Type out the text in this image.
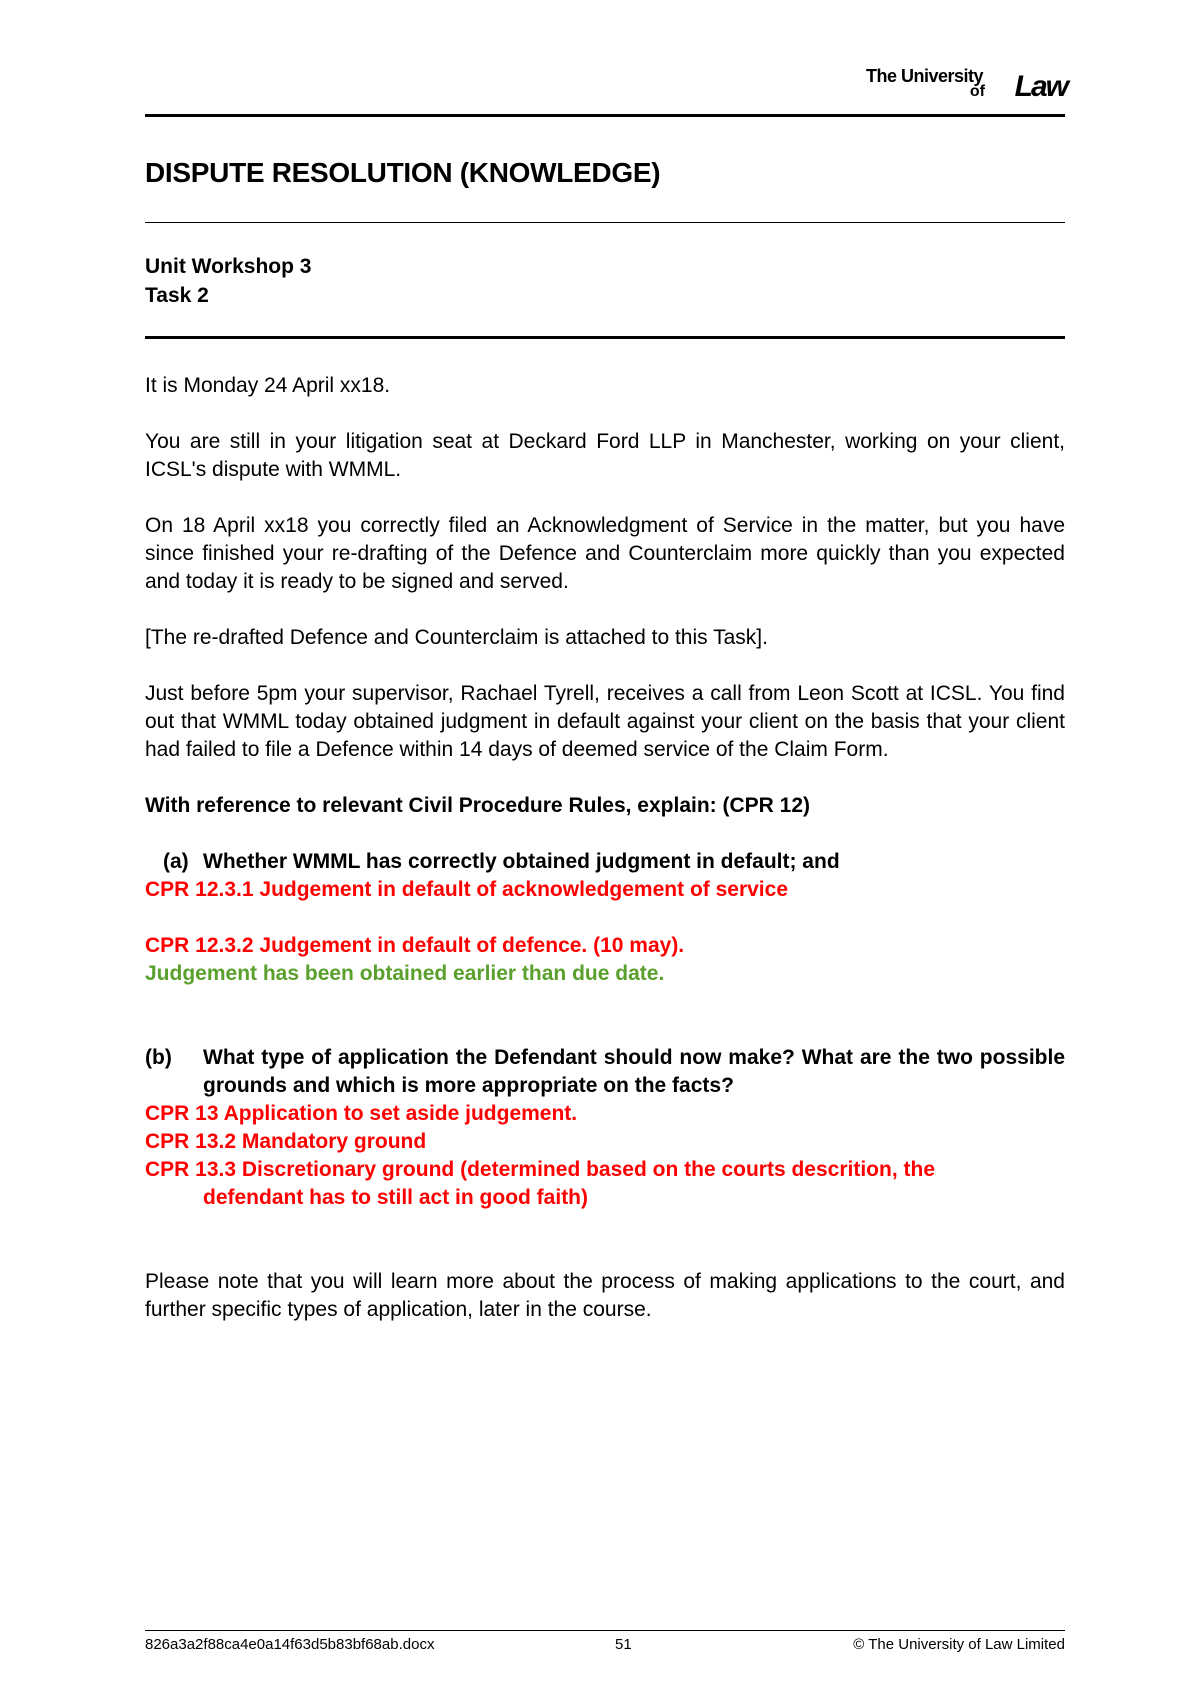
The University
of Law
DISPUTE RESOLUTION (KNOWLEDGE)
Unit Workshop 3
Task 2

It is Monday 24 April xx18.

You are still in your litigation seat at Deckard Ford LLP in Manchester, working on your client, ICSL's dispute with WMML.

On 18 April xx18 you correctly filed an Acknowledgment of Service in the matter, but you have since finished your re-drafting of the Defence and Counterclaim more quickly than you expected and today it is ready to be signed and served.

[The re-drafted Defence and Counterclaim is attached to this Task].

Just before 5pm your supervisor, Rachael Tyrell, receives a call from Leon Scott at ICSL. You find out that WMML today obtained judgment in default against your client on the basis that your client had failed to file a Defence within 14 days of deemed service of the Claim Form.

With reference to relevant Civil Procedure Rules, explain: (CPR 12)

(a) Whether WMML has correctly obtained judgment in default; and

CPR 12.3.1 Judgement in default of acknowledgement of service

CPR 12.3.2 Judgement in default of defence. (10 may).

Judgement has been obtained earlier than due date.

(b)	What type of application the Defendant should now make? What are the two possible grounds and which is more appropriate on the facts?

CPR 13 Application to set aside judgement.

CPR 13.2 Mandatory ground

CPR 13.3 Discretionary ground (determined based on the courts descrition, the

defendant has to still act in good faith)

Please note that you will learn more about the process of making applications to the court, and further specific types of application, later in the course.

826a3a2f88ca4e0a14f63d5b83bf68ab.docx	51	© The University of Law Limited
